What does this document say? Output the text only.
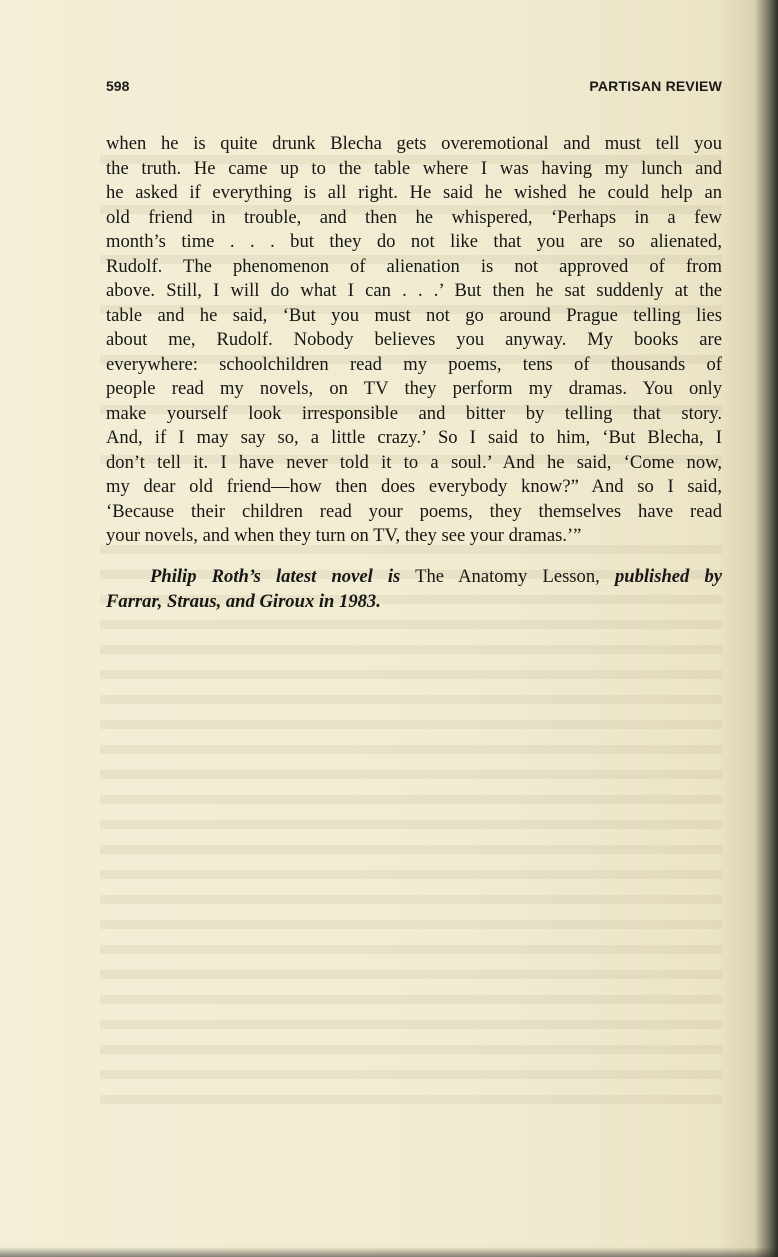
598	PARTISAN REVIEW
when he is quite drunk Blecha gets overemotional and must tell you
the truth. He came up to the table where I was having my lunch and
he asked if everything is all right. He said he wished he could help an
old friend in trouble, and then he whispered, ‘Perhaps in a few
month’s time . . . but they do not like that you are so alienated,
Rudolf. The phenomenon of alienation is not approved of from
above. Still, I will do what I can . . .’ But then he sat suddenly at the
table and he said, ‘But you must not go around Prague telling lies
about me, Rudolf. Nobody believes you anyway. My books are
everywhere: schoolchildren read my poems, tens of thousands of
people read my novels, on TV they perform my dramas. You only
make yourself look irresponsible and bitter by telling that story.
And, if I may say so, a little crazy.’ So I said to him, ‘But Blecha, I
don’t tell it. I have never told it to a soul.’ And he said, ‘Come now,
my dear old friend—how then does everybody know?” And so I said,
‘Because their children read your poems, they themselves have read
your novels, and when they turn on TV, they see your dramas.’”
Philip Roth’s latest novel is The Anatomy Lesson, published by
Farrar, Straus, and Giroux in 1983.
